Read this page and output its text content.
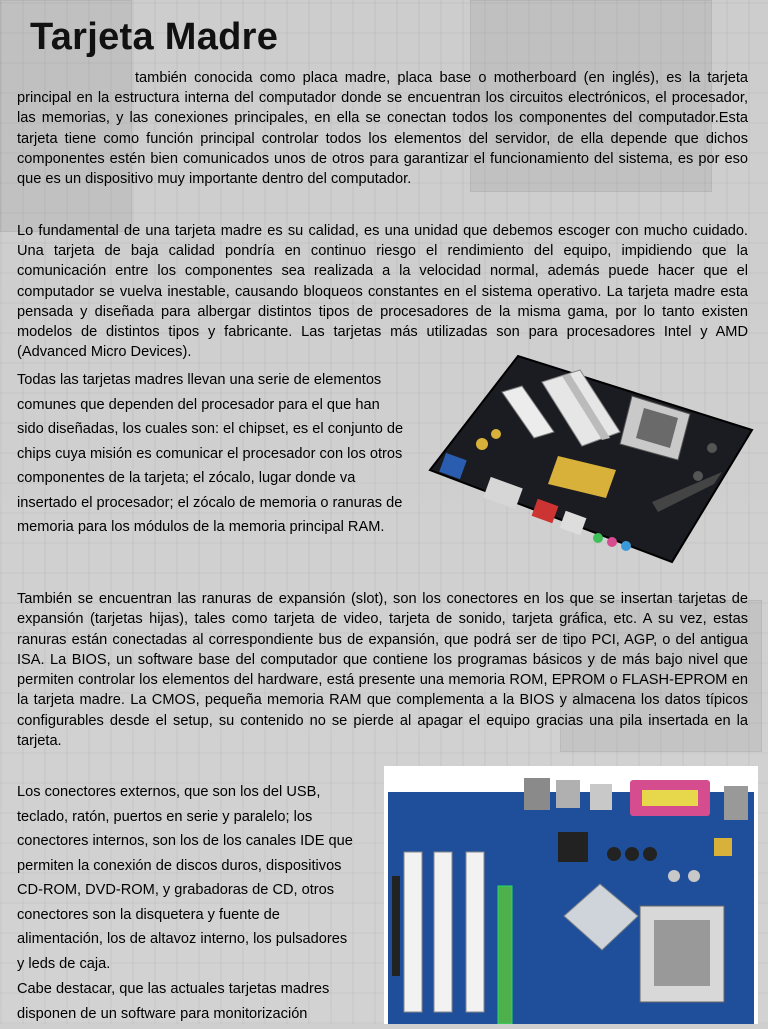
Tarjeta Madre

también conocida como placa madre, placa base o motherboard (en inglés), es la tarjeta principal en la estructura interna del computador donde se encuentran los circuitos electrónicos, el procesador, las memorias, y las conexiones principales, en ella se conectan todos los componentes del computador.Esta tarjeta tiene como función principal controlar todos los elementos del servidor, de ella depende que dichos componentes estén bien comunicados unos de otros para garantizar el funcionamiento del sistema, es por eso que es un dispositivo muy importante dentro del computador.

Lo fundamental de una tarjeta madre es su calidad, es una unidad que debemos escoger con mucho cuidado. Una tarjeta de baja calidad pondría en continuo riesgo el rendimiento del equipo, impidiendo que la comunicación entre los componentes sea realizada a la velocidad normal, además puede hacer que el computador se vuelva inestable, causando bloqueos constantes en el sistema operativo. La tarjeta madre esta pensada y diseñada para albergar distintos tipos de procesadores de la misma gama, por lo tanto existen modelos de distintos tipos y fabricante. Las tarjetas más utilizadas son para procesadores Intel y AMD (Advanced Micro Devices).

Todas las tarjetas madres llevan una serie de elementos comunes que dependen del procesador para el que han sido diseñadas, los cuales son: el chipset, es el conjunto de chips cuya misión es comunicar el procesador con los otros componentes de la tarjeta; el zócalo, lugar donde va insertado el procesador; el zócalo de memoria o ranuras de memoria para los módulos de la memoria principal RAM.

También se encuentran las ranuras de expansión (slot), son los conectores en los que se insertan tarjetas de expansión (tarjetas hijas), tales como tarjeta de video, tarjeta de sonido, tarjeta gráfica, etc. A su vez, estas ranuras están conectadas al correspondiente bus de expansión, que podrá ser de tipo PCI, AGP, o del antigua ISA. La BIOS, un software base del computador que contiene los programas básicos y de más bajo nivel que permiten controlar los elementos del hardware, está presente una memoria ROM, EPROM o FLASH-EPROM en la tarjeta madre. La CMOS, pequeña memoria RAM que complementa a la BIOS y almacena los datos típicos configurables desde el setup, su contenido no se pierde al apagar el equipo gracias una pila insertada en la tarjeta.

Los conectores externos, que son los del USB, teclado, ratón, puertos en serie y paralelo; los conectores internos, son los de los canales IDE que permiten la conexión de discos duros, dispositivos CD-ROM, DVD-ROM, y grabadoras de CD, otros conectores son la disquetera y fuente de alimentación, los de altavoz interno, los pulsadores y leds de caja.

Cabe destacar, que las actuales tarjetas madres disponen de un software para monitorización
